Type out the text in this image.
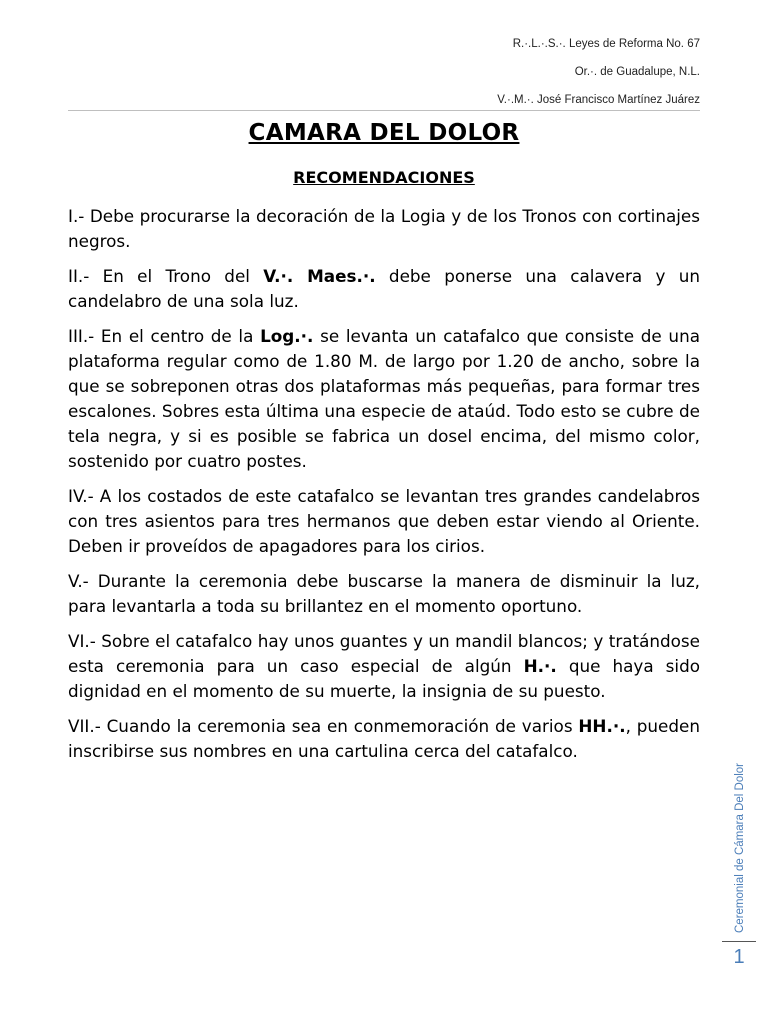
R.·.L.·.S.·. Leyes de Reforma No. 67
Or.·. de Guadalupe, N.L.
V.·.M.·. José Francisco Martínez Juárez
CAMARA DEL DOLOR
RECOMENDACIONES

I.- Debe procurarse la decoración de la Logia y de los Tronos con cortinajes negros.

II.- En el Trono del V.·. Maes.·. debe ponerse una calavera y un candelabro de una sola luz.

III.- En el centro de la Log.·. se levanta un catafalco que consiste de una plataforma regular como de 1.80 M. de largo por 1.20 de ancho, sobre la que se sobreponen otras dos plataformas más pequeñas, para formar tres escalones. Sobres esta última una especie de ataúd. Todo esto se cubre de tela negra, y si es posible se fabrica un dosel encima, del mismo color, sostenido por cuatro postes.

IV.- A los costados de este catafalco se levantan tres grandes candelabros con tres asientos para tres hermanos que deben estar viendo al Oriente. Deben ir proveídos de apagadores para los cirios.

V.- Durante la ceremonia debe buscarse la manera de disminuir la luz, para levantarla a toda su brillantez en el momento oportuno.

VI.- Sobre el catafalco hay unos guantes y un mandil blancos; y tratándose esta ceremonia para un caso especial de algún H.·. que haya sido dignidad en el momento de su muerte, la insignia de su puesto.

VII.- Cuando la ceremonia sea en conmemoración de varios HH.·., pueden inscribirse sus nombres en una cartulina cerca del catafalco.

Ceremonial de Cámara Del Dolor
1
